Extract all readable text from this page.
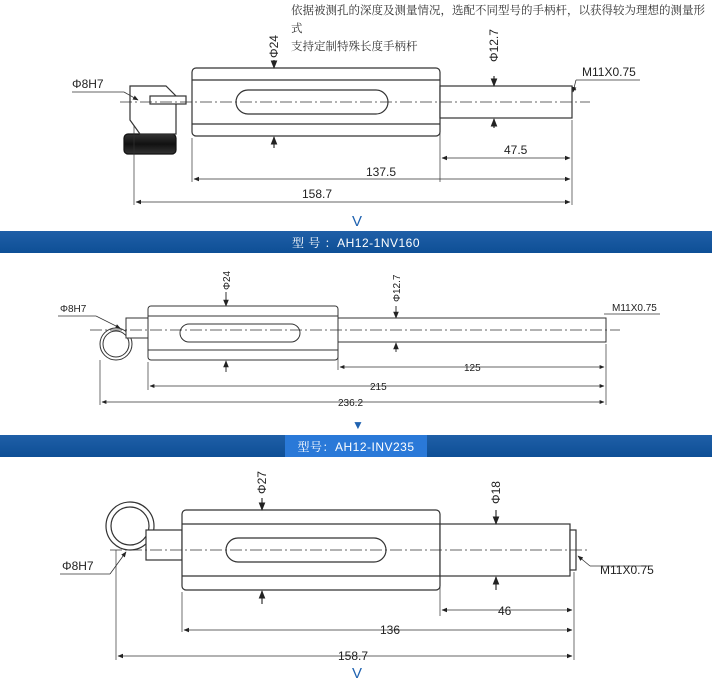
依据被测孔的深度及测量情况，选配不同型号的手柄杆，以获得较为理想的测量形式
支持定制特殊长度手柄杆
V
型 号 ：AH12-1NV160
▼
型号：AH12-INV235
V
Φ24	Φ12.7
M11X0.75
Φ8H7
47.5
137.5
158.7
Φ24	Φ12.7
M11X0.75
Φ8H7
125
215
236.2
Φ27	Φ18
M11X0.75
Φ8H7
46
136
158.7
